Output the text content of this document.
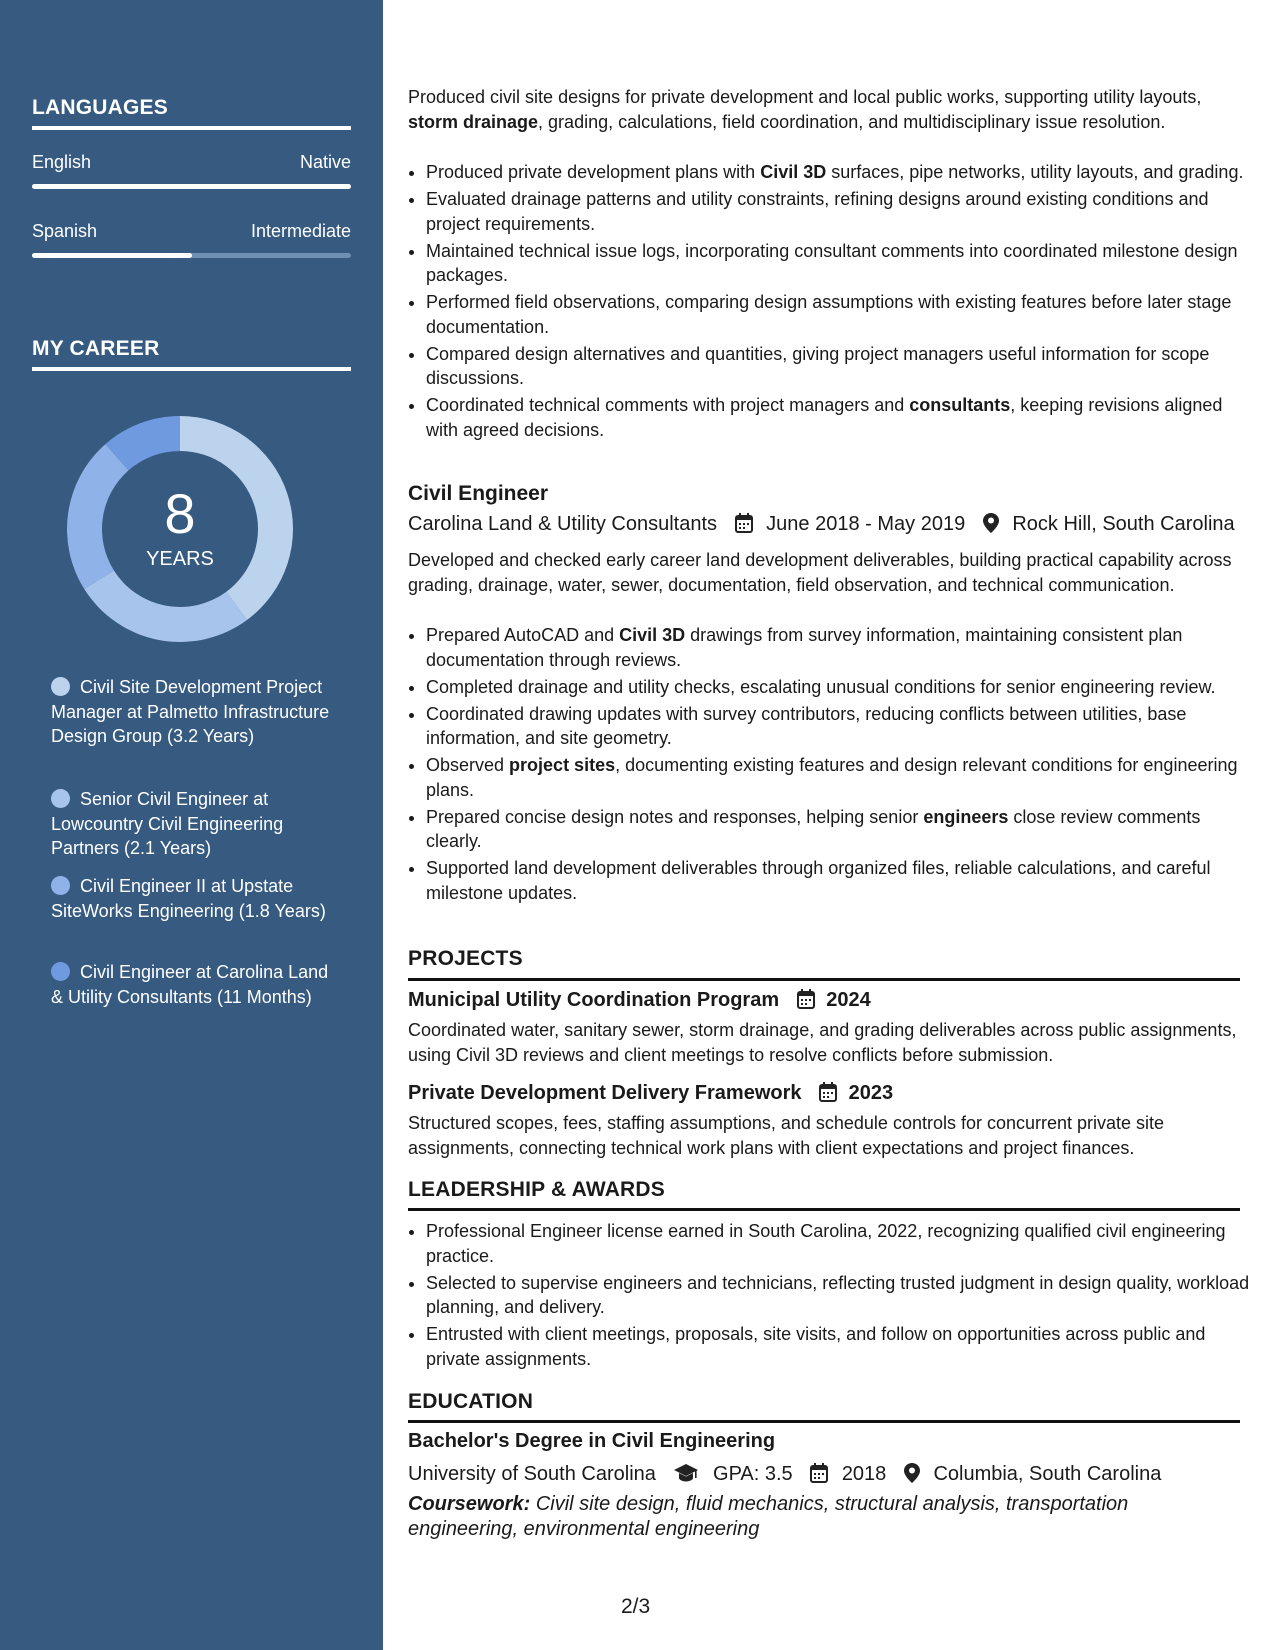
LANGUAGES
English	Native
Spanish	Intermediate
MY CAREER
8
YEARS
Civil Site Development Project Manager at Palmetto Infrastructure Design Group (3.2 Years)
Senior Civil Engineer at Lowcountry Civil Engineering Partners (2.1 Years)
Civil Engineer II at Upstate SiteWorks Engineering (1.8 Years)
Civil Engineer at Carolina Land & Utility Consultants (11 Months)
Produced civil site designs for private development and local public works, supporting utility layouts, storm drainage, grading, calculations, field coordination, and multidisciplinary issue resolution.
• Produced private development plans with Civil 3D surfaces, pipe networks, utility layouts, and grading.
• Evaluated drainage patterns and utility constraints, refining designs around existing conditions and project requirements.
• Maintained technical issue logs, incorporating consultant comments into coordinated milestone design packages.
• Performed field observations, comparing design assumptions with existing features before later stage documentation.
• Compared design alternatives and quantities, giving project managers useful information for scope discussions.
• Coordinated technical comments with project managers and consultants, keeping revisions aligned with agreed decisions.
Civil Engineer
Carolina Land & Utility Consultants June 2018 - May 2019 Rock Hill, South Carolina
Developed and checked early career land development deliverables, building practical capability across grading, drainage, water, sewer, documentation, field observation, and technical communication.
• Prepared AutoCAD and Civil 3D drawings from survey information, maintaining consistent plan documentation through reviews.
• Completed drainage and utility checks, escalating unusual conditions for senior engineering review.
• Coordinated drawing updates with survey contributors, reducing conflicts between utilities, base information, and site geometry.
• Observed project sites, documenting existing features and design relevant conditions for engineering plans.
• Prepared concise design notes and responses, helping senior engineers close review comments clearly.
• Supported land development deliverables through organized files, reliable calculations, and careful milestone updates.
PROJECTS
Municipal Utility Coordination Program 2024
Coordinated water, sanitary sewer, storm drainage, and grading deliverables across public assignments, using Civil 3D reviews and client meetings to resolve conflicts before submission.
Private Development Delivery Framework 2023
Structured scopes, fees, staffing assumptions, and schedule controls for concurrent private site assignments, connecting technical work plans with client expectations and project finances.
LEADERSHIP & AWARDS
• Professional Engineer license earned in South Carolina, 2022, recognizing qualified civil engineering practice.
• Selected to supervise engineers and technicians, reflecting trusted judgment in design quality, workload planning, and delivery.
• Entrusted with client meetings, proposals, site visits, and follow on opportunities across public and private assignments.
EDUCATION
Bachelor's Degree in Civil Engineering
University of South Carolina	GPA: 3.5 2018 Columbia, South Carolina
Coursework: Civil site design, fluid mechanics, structural analysis, transportation engineering, environmental engineering
2/3
